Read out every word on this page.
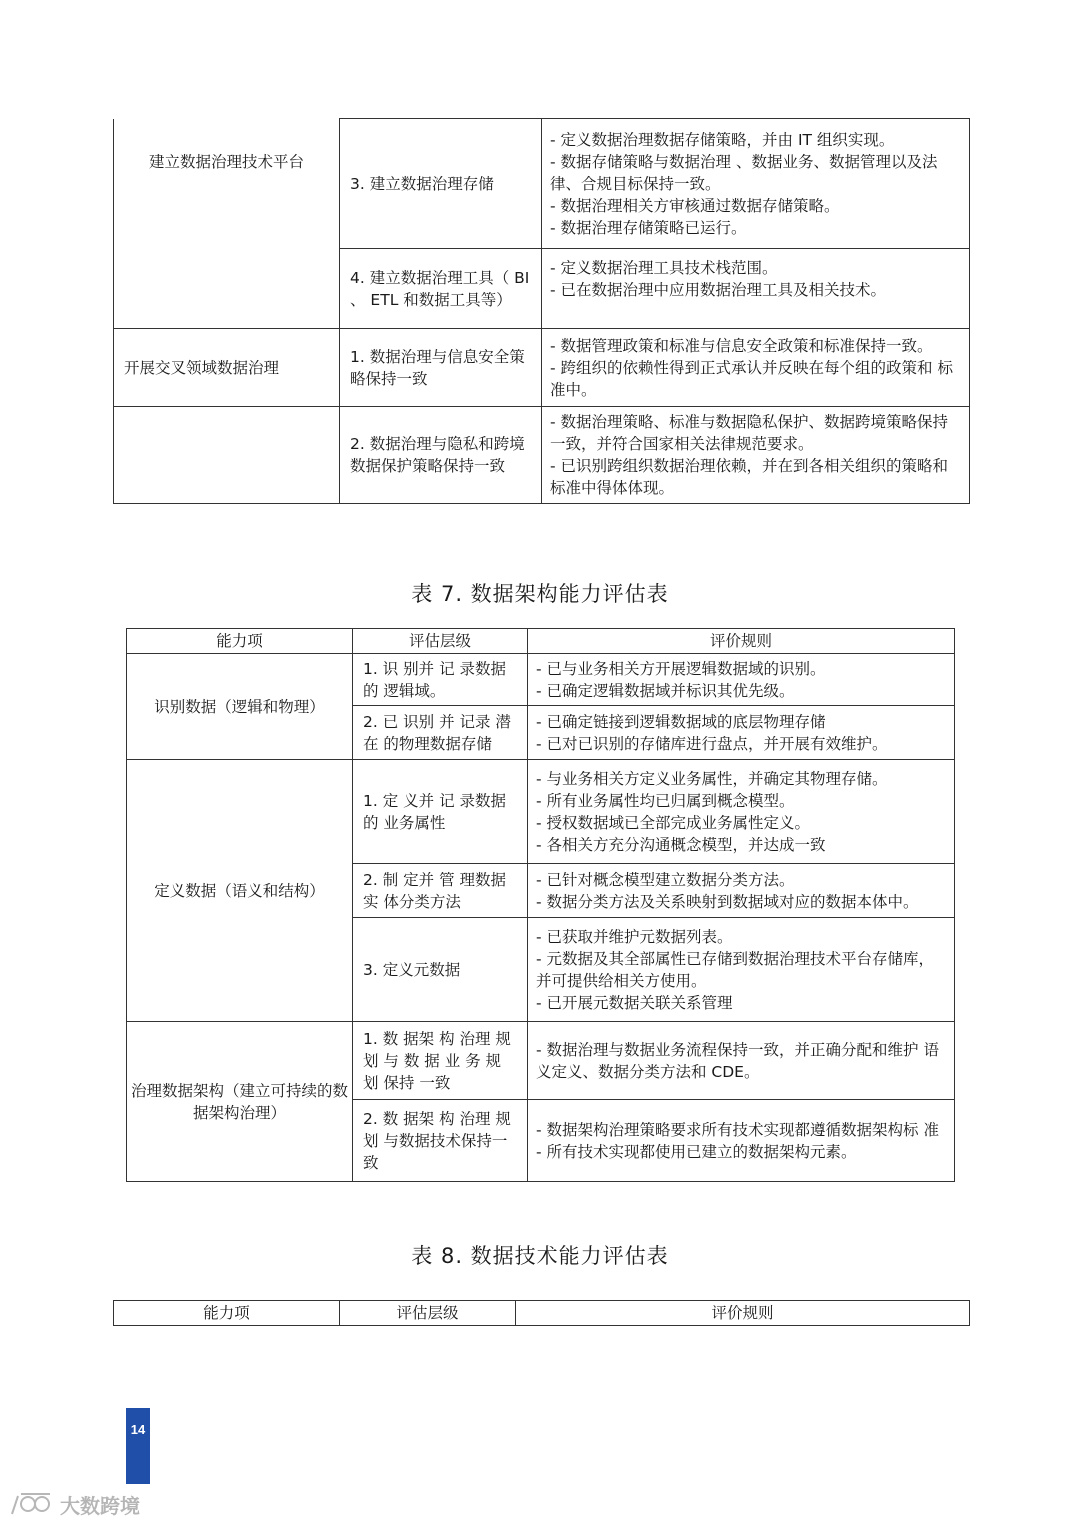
建立数据治理技术平台	3. 建立数据治理存储	- 定义数据治理数据存储策略，并由 IT 组织实现。
- 数据存储策略与数据治理 、数据业务、数据管理以及法律、合规目标保持一致。
- 数据治理相关方审核通过数据存储策略。
- 数据治理存储策略已运行。

	4. 建立数据治理工具（ BI 、 ETL 和数据工具等）	- 定义数据治理工具技术栈范围。
- 已在数据治理中应用数据治理工具及相关技术。

开展交叉领域数据治理	1. 数据治理与信息安全策略保持一致	- 数据管理政策和标准与信息安全政策和标准保持一致。
- 跨组织的依赖性得到正式承认并反映在每个组的政策和 标准中。

	2. 数据治理与隐私和跨境 数据保护策略保持一致	- 数据治理策略、标准与数据隐私保护、数据跨境策略保持一致，并符合国家相关法律规范要求。
- 已识别跨组织数据治理依赖，并在到各相关组织的策略和标准中得体体现。
表 7. 数据架构能力评估表
能力项	评估层级	评价规则
识别数据（逻辑和物理）	1. 识 别并 记 录数据 的 逻辑域。	- 已与业务相关方开展逻辑数据域的识别。
- 已确定逻辑数据域并标识其优先级。

	2. 已 识别 并 记录 潜 在 的物理数据存储	- 已确定链接到逻辑数据域的底层物理存储
- 已对已识别的存储库进行盘点，并开展有效维护。

定义数据（语义和结构）	1. 定 义并 记 录数据 的 业务属性	- 与业务相关方定义业务属性，并确定其物理存储。
- 所有业务属性均已归属到概念模型。
- 授权数据域已全部完成业务属性定义。
- 各相关方充分沟通概念模型，并达成一致

	2. 制 定并 管 理数据 实 体分类方法	- 已针对概念模型建立数据分类方法。
- 数据分类方法及关系映射到数据域对应的数据本体中。

	3. 定义元数据	- 已获取并维护元数据列表。
- 元数据及其全部属性已存储到数据治理技术平台存储库，并可提供给相关方使用。
- 已开展元数据关联关系管理

治理数据架构（建立可持续的数据架构治理）	1. 数 据架 构 治理 规 划 与 数 据 业 务 规 划 保持 一致	- 数据治理与数据业务流程保持一致，并正确分配和维护 语义定义、数据分类方法和 CDE。

	2. 数 据架 构 治理 规 划 与数据技术保持一致	- 数据架构治理策略要求所有技术实现都遵循数据架构标 准
- 所有技术实现都使用已建立的数据架构元素。
表 8. 数据技术能力评估表
能力项	评估层级	评价规则
14
大数跨境
